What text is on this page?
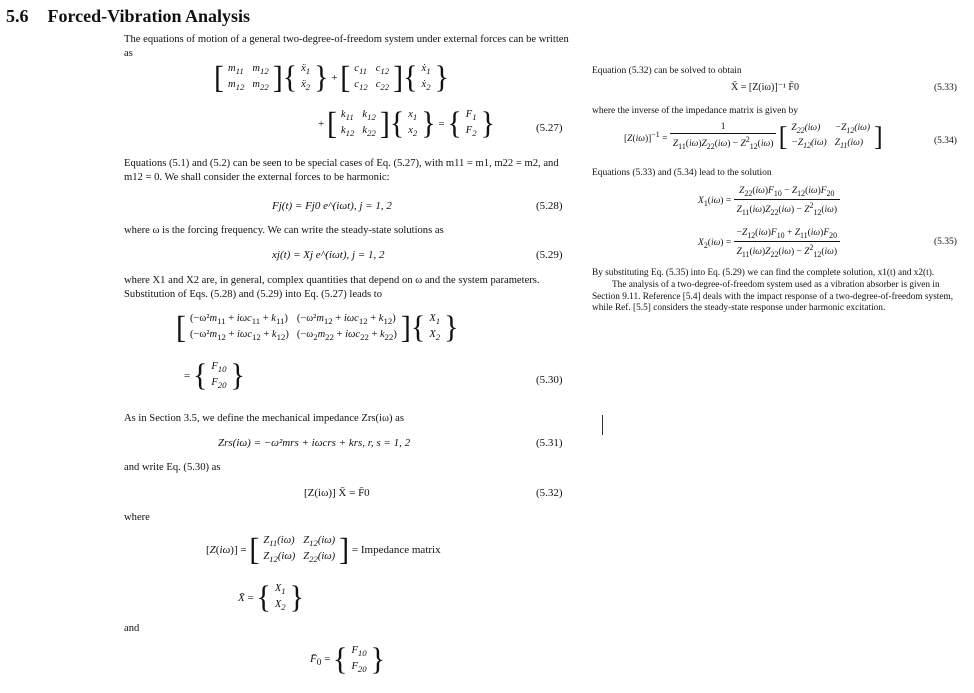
5.6 Forced-Vibration Analysis
The equations of motion of a general two-degree-of-freedom system under external forces can be written as
[ $m_{11}$	$m_{12}$
$m_{12}$	$m_{22}$ ]{ ẍ$_1$
ẍ$_2$ } + [ $c_{11}$	$c_{12}$
$c_{12}$	$c_{22}$ ]{ ẋ$_1$
ẋ$_2$ }
+ [ $k_{11}$	$k_{12}$
$k_{12}$	$k_{22}$ ]{ $x_1$
$x_2$ } = { $F_1$
$F_2$ }	(5.27)
Equations (5.1) and (5.2) can be seen to be special cases of Eq. (5.27), with m11 = m1, m22 = m2, and m12 = 0. We shall consider the external forces to be harmonic:
Fj(t) = Fj0 e^(iωt), j = 1, 2	(5.28)
where ω is the forcing frequency. We can write the steady-state solutions as
xj(t) = Xj e^(iωt), j = 1, 2	(5.29)
where X1 and X2 are, in general, complex quantities that depend on ω and the system parameters. Substitution of Eqs. (5.28) and (5.29) into Eq. (5.27) leads to
[ $(-\omega^2m_{11} + i\omega c_{11} + k_{11})$	$(-\omega^2m_{12} + i\omega c_{12} + k_{12})$
$(-\omega^2m_{12} + i\omega c_{12} + k_{12})$	$(-\omega_2m_{22} + i\omega c_{22} + k_{22})$ ]{ $X_1$
$X_2$ }
= { $F_{10}$
$F_{20}$ }	(5.30)
As in Section 3.5, we define the mechanical impedance Zrs(iω) as
Zrs(iω) = −ω²mrs + iωcrs + krs, r, s = 1, 2	(5.31)
and write Eq. (5.30) as
[Z(iω)] X̄ = F̄0	(5.32)
where
[Z(iω)] = [ $Z_{11}(i\omega)$	$Z_{12}(i\omega)$
$Z_{12}(i\omega)$	$Z_{22}(i\omega)$ ] = Impedance matrix
X̄ = { $X_1$
$X_2$ }
and
$F̄_0$ = { $F_{10}$
$F_{20}$ }
Equation (5.32) can be solved to obtain
X̄ = [Z(iω)]⁻¹ F̄0	(5.33)
where the inverse of the impedance matrix is given by
$[Z(i\omega)]^{-1} = \frac{1}{Z_{11}(i\omega)Z_{22}(i\omega) - Z^2_{12}(i\omega)}$ [ $Z_{22}(i\omega)$	$-Z_{12}(i\omega)$
$-Z_{12}(i\omega)$	$Z_{11}(i\omega)$ ]	(5.34)
Equations (5.33) and (5.34) lead to the solution
$X_1(i\omega) = \frac{Z_{22}(i\omega)F_{10} - Z_{12}(i\omega)F_{20}}{Z_{11}(i\omega)Z_{22}(i\omega) - Z^2_{12}(i\omega)}$
$X_2(i\omega) = \frac{-Z_{12}(i\omega)F_{10} + Z_{11}(i\omega)F_{20}}{Z_{11}(i\omega)Z_{22}(i\omega) - Z^2_{12}(i\omega)}$	(5.35)
By substituting Eq. (5.35) into Eq. (5.29) we can find the complete solution, x1(t) and x2(t).
The analysis of a two-degree-of-freedom system used as a vibration absorber is given in Section 9.11. Reference [5.4] deals with the impact response of a two-degree-of-freedom system, while Ref. [5.5] considers the steady-state response under harmonic excitation.
